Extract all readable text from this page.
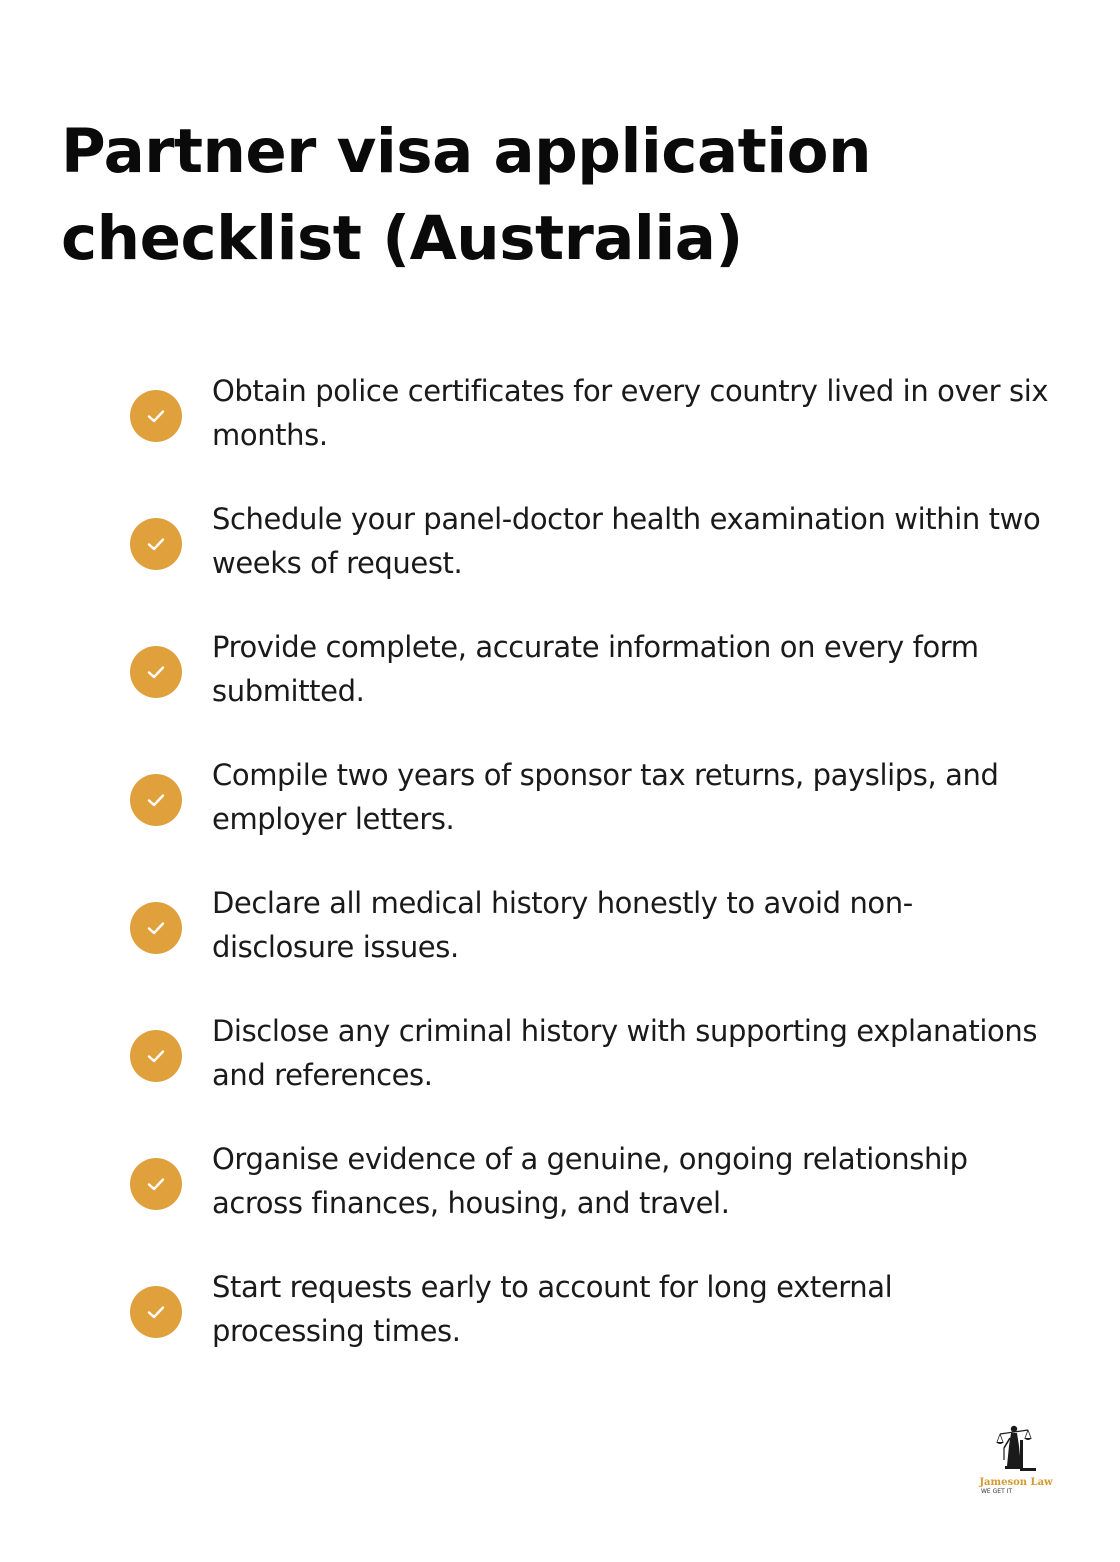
Partner visa application checklist (Australia)
Obtain police certificates for every country lived in over six months.
Schedule your panel-doctor health examination within two weeks of request.
Provide complete, accurate information on every form submitted.
Compile two years of sponsor tax returns, payslips, and employer letters.
Declare all medical history honestly to avoid non-disclosure issues.
Disclose any criminal history with supporting explanations and references.
Organise evidence of a genuine, ongoing relationship across finances, housing, and travel.
Start requests early to account for long external processing times.
Jameson Law
WE GET IT
